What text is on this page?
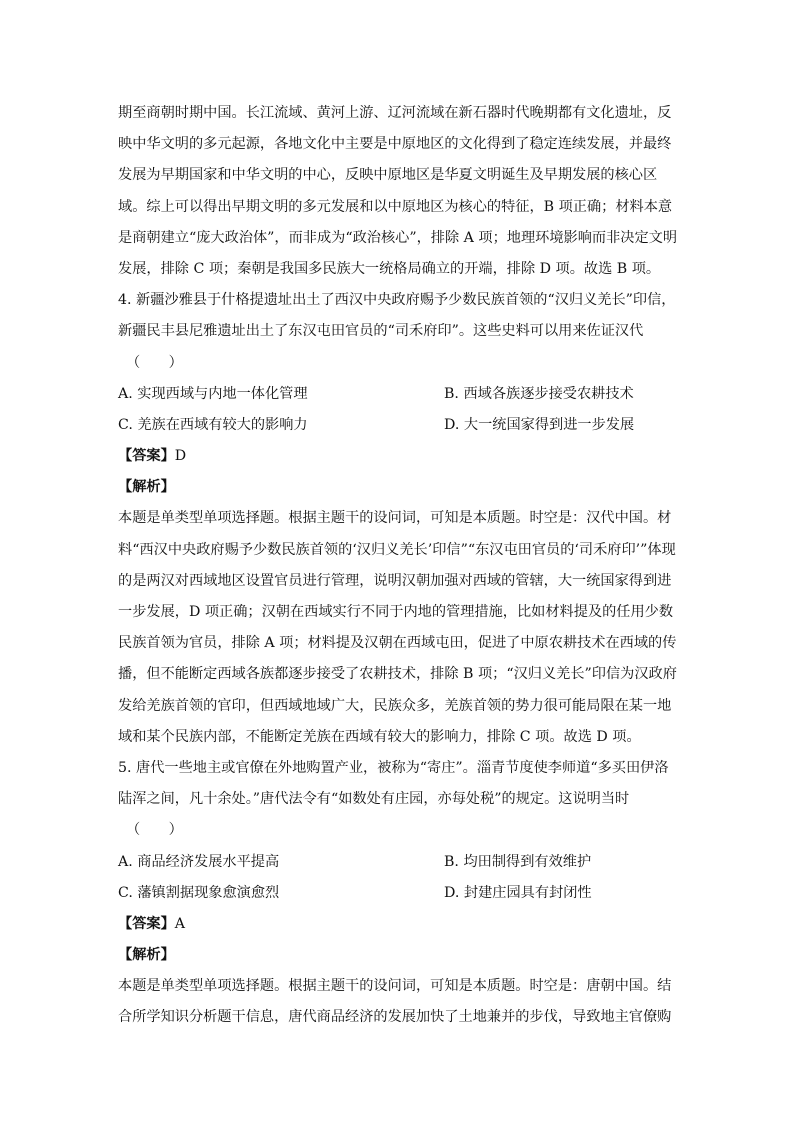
期至商朝时期中国。长江流域、黄河上游、辽河流域在新石器时代晚期都有文化遗址，反
映中华文明的多元起源，各地文化中主要是中原地区的文化得到了稳定连续发展，并最终
发展为早期国家和中华文明的中心，反映中原地区是华夏文明诞生及早期发展的核心区
域。综上可以得出早期文明的多元发展和以中原地区为核心的特征，B 项正确；材料本意
是商朝建立“庞大政治体”，而非成为“政治核心”，排除 A 项；地理环境影响而非决定文明
发展，排除 C 项；秦朝是我国多民族大一统格局确立的开端，排除 D 项。故选 B 项。
4. 新疆沙雅县于什格提遗址出土了西汉中央政府赐予少数民族首领的“汉归义羌长”印信，
新疆民丰县尼雅遗址出土了东汉屯田官员的“司禾府印”。这些史料可以用来佐证汉代
（　　）
A. 实现西域与内地一体化管理	B. 西域各族逐步接受农耕技术
C. 羌族在西域有较大的影响力	D. 大一统国家得到进一步发展
【答案】D
【解析】
本题是单类型单项选择题。根据主题干的设问词，可知是本质题。时空是：汉代中国。材
料“西汉中央政府赐予少数民族首领的‘汉归义羌长’印信”“东汉屯田官员的‘司禾府印’”体现
的是两汉对西域地区设置官员进行管理，说明汉朝加强对西域的管辖，大一统国家得到进
一步发展，D 项正确；汉朝在西域实行不同于内地的管理措施，比如材料提及的任用少数
民族首领为官员，排除 A 项；材料提及汉朝在西域屯田，促进了中原农耕技术在西域的传
播，但不能断定西域各族都逐步接受了农耕技术，排除 B 项；“汉归义羌长”印信为汉政府
发给羌族首领的官印，但西域地域广大，民族众多，羌族首领的势力很可能局限在某一地
域和某个民族内部，不能断定羌族在西域有较大的影响力，排除 C 项。故选 D 项。
5. 唐代一些地主或官僚在外地购置产业，被称为“寄庄”。淄青节度使李师道“多买田伊洛
陆浑之间，凡十余处。”唐代法令有“如数处有庄园，亦每处税”的规定。这说明当时
（　　）
A. 商品经济发展水平提高	B. 均田制得到有效维护
C. 藩镇割据现象愈演愈烈	D. 封建庄园具有封闭性
【答案】A
【解析】
本题是单类型单项选择题。根据主题干的设问词，可知是本质题。时空是：唐朝中国。结
合所学知识分析题干信息，唐代商品经济的发展加快了土地兼并的步伐，导致地主官僚购
